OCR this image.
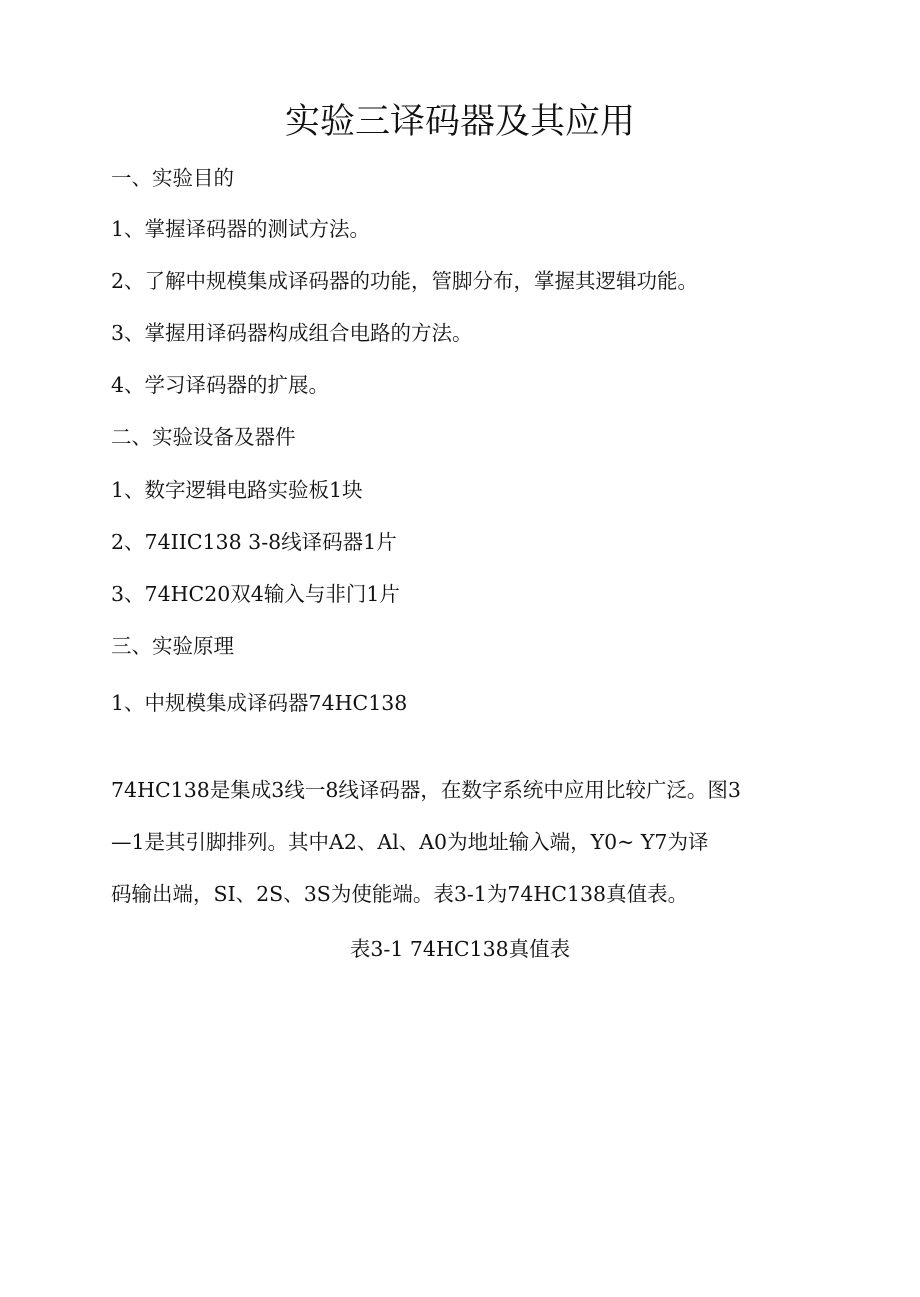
实验三译码器及其应用
一、实验目的
1、掌握译码器的测试方法。
2、了解中规模集成译码器的功能，管脚分布，掌握其逻辑功能。
3、掌握用译码器构成组合电路的方法。
4、学习译码器的扩展。
二、实验设备及器件
1、数字逻辑电路实验板1块
2、74IIC138 3-8线译码器1片
3、74HC20双4输入与非门1片
三、实验原理
1、中规模集成译码器74HC138
74HC138是集成3线一8线译码器，在数字系统中应用比较广泛。图3
—1是其引脚排列。其中A2、Al、A0为地址输入端，Y0~ Y7为译
码输出端，SI、2S、3S为使能端。表3-1为74HC138真值表。
表3-1 74HC138真值表
